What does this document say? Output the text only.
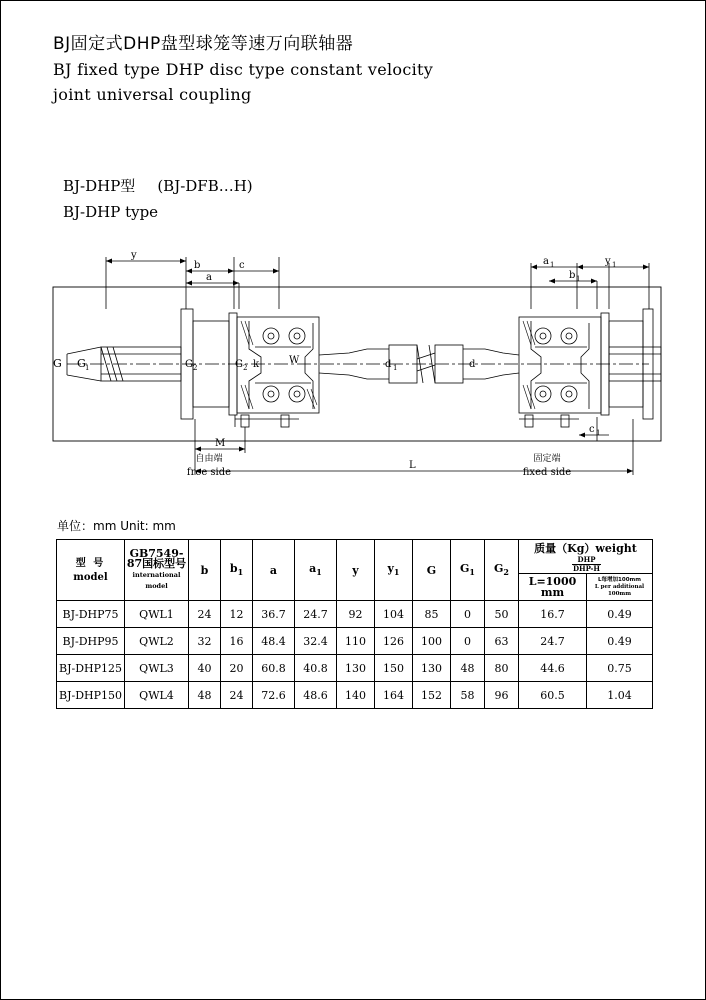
BJ固定式DHP盘型球笼等速万向联轴器
BJ fixed type DHP disc type constant velocity
joint universal coupling
BJ-DHP型 (BJ-DFB…H)
BJ-DHP type
y
b	c
a
y 1
a 1
b 1
G G 1	G 2	G 2 k	W	d 1	d
c 1
M
L
自由端
free side
固定端
fixed side
单位：mm Unit: mm
型 号
model	GB7549-87国标型号
international model	b	$b_1$	a	$a_1$	y	$y_1$	G	$G_1$	$G_2$	质量（Kg）weight
$\frac{\text{DHP}}{\text{DHP-H}}$

											L=1000 mm	L每增加100mm
L per additional 100mm

BJ-DHP75	QWL1	24	12	36.7	24.7	92	104	85	0	50	16.7	0.49
BJ-DHP95	QWL2	32	16	48.4	32.4	110	126	100	0	63	24.7	0.49
BJ-DHP125	QWL3	40	20	60.8	40.8	130	150	130	48	80	44.6	0.75
BJ-DHP150	QWL4	48	24	72.6	48.6	140	164	152	58	96	60.5	1.04
